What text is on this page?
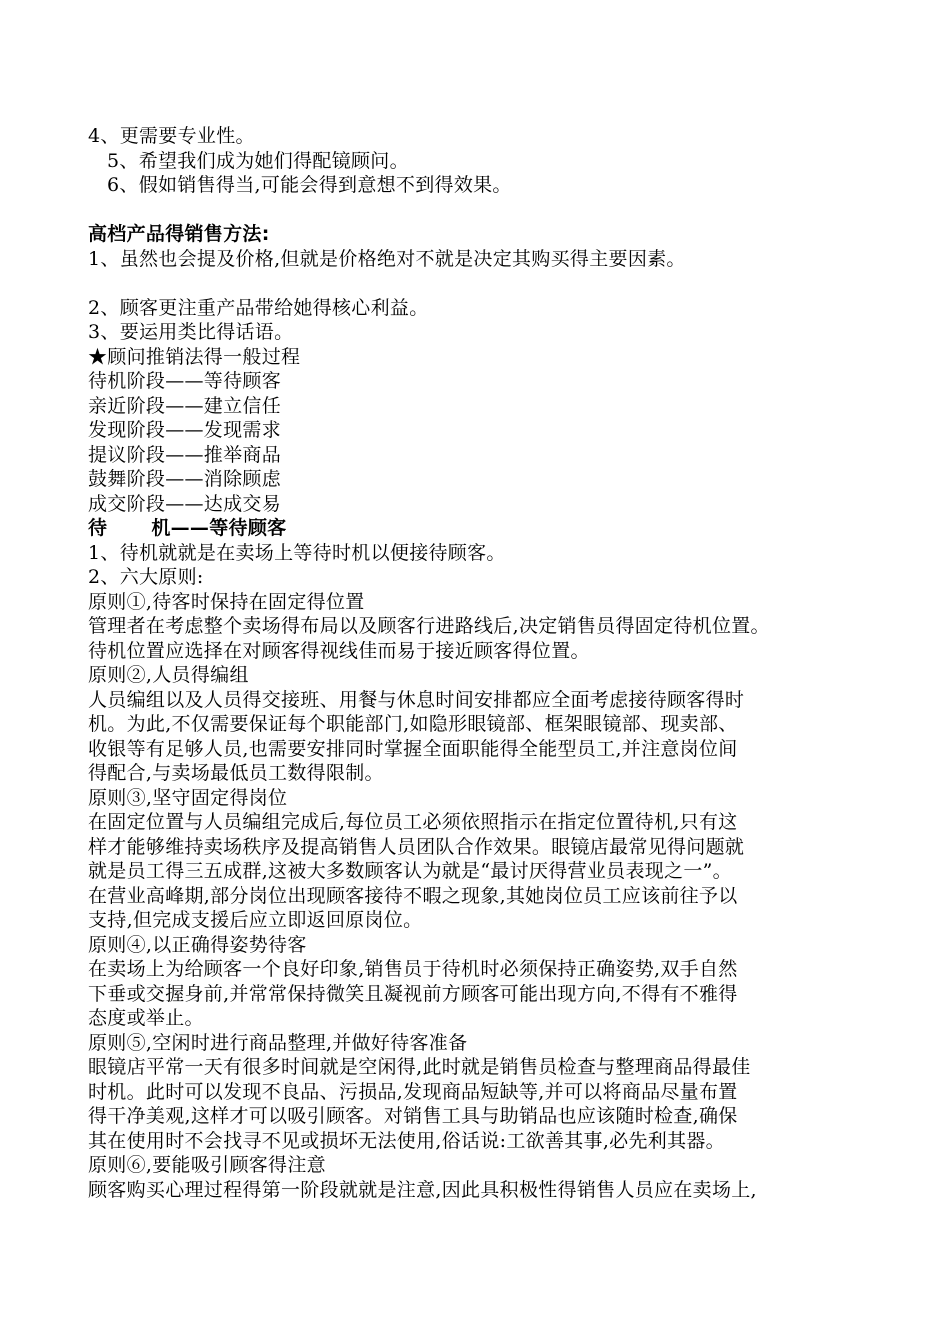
4、更需要专业性。
5、希望我们成为她们得配镜顾问。
6、假如销售得当,可能会得到意想不到得效果。
高档产品得销售方法:
1、虽然也会提及价格,但就是价格绝对不就是决定其购买得主要因素。
2、顾客更注重产品带给她得核心利益。
3、要运用类比得话语。
★顾问推销法得一般过程
待机阶段——等待顾客
亲近阶段——建立信任
发现阶段——发现需求
提议阶段——推举商品
鼓舞阶段——消除顾虑
成交阶段——达成交易
待 机——等待顾客
1、待机就就是在卖场上等待时机以便接待顾客。
2、六大原则:
原则①,待客时保持在固定得位置
管理者在考虑整个卖场得布局以及顾客行进路线后,决定销售员得固定待机位置。
待机位置应选择在对顾客得视线佳而易于接近顾客得位置。
原则②,人员得编组
人员编组以及人员得交接班、用餐与休息时间安排都应全面考虑接待顾客得时
机。为此,不仅需要保证每个职能部门,如隐形眼镜部、框架眼镜部、现卖部、
收银等有足够人员,也需要安排同时掌握全面职能得全能型员工,并注意岗位间
得配合,与卖场最低员工数得限制。
原则③,坚守固定得岗位
在固定位置与人员编组完成后,每位员工必须依照指示在指定位置待机,只有这
样才能够维持卖场秩序及提高销售人员团队合作效果。眼镜店最常见得问题就
就是员工得三五成群,这被大多数顾客认为就是“最讨厌得营业员表现之一”。
在营业高峰期,部分岗位出现顾客接待不暇之现象,其她岗位员工应该前往予以
支持,但完成支援后应立即返回原岗位。
原则④,以正确得姿势待客
在卖场上为给顾客一个良好印象,销售员于待机时必须保持正确姿势,双手自然
下垂或交握身前,并常常保持微笑且凝视前方顾客可能出现方向,不得有不雅得
态度或举止。
原则⑤,空闲时进行商品整理,并做好待客准备
眼镜店平常一天有很多时间就是空闲得,此时就是销售员检查与整理商品得最佳
时机。此时可以发现不良品、污损品,发现商品短缺等,并可以将商品尽量布置
得干净美观,这样才可以吸引顾客。对销售工具与助销品也应该随时检查,确保
其在使用时不会找寻不见或损坏无法使用,俗话说:工欲善其事,必先利其器。
原则⑥,要能吸引顾客得注意
顾客购买心理过程得第一阶段就就是注意,因此具积极性得销售人员应在卖场上,
